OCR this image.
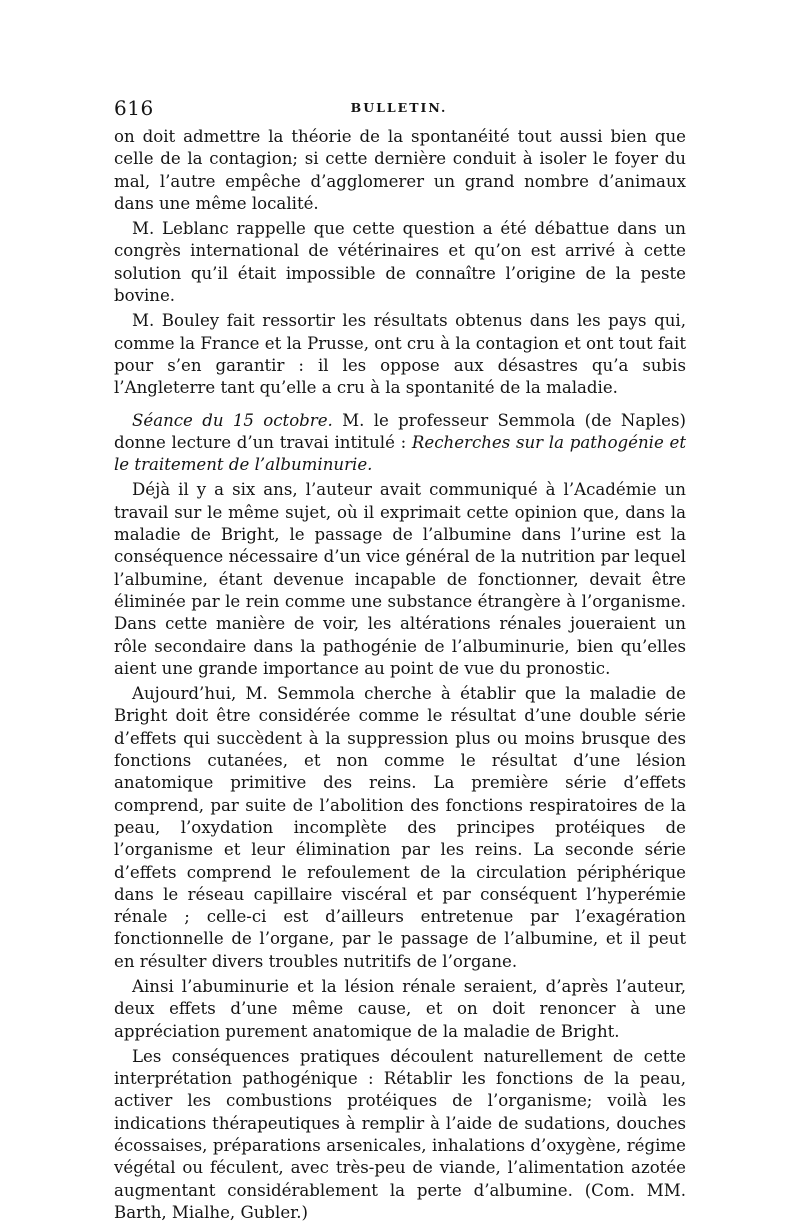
616	BULLETIN.

on doit admettre la théorie de la spontanéité tout aussi bien que celle de la contagion; si cette dernière conduit à isoler le foyer du mal, l’autre empêche d’agglomerer un grand nombre d’animaux dans une même localité.

M. Leblanc rappelle que cette question a été débattue dans un congrès international de vétérinaires et qu’on est arrivé à cette solution qu’il était impossible de connaître l’origine de la peste bovine.

M. Bouley fait ressortir les résultats obtenus dans les pays qui, comme la France et la Prusse, ont cru à la contagion et ont tout fait pour s’en garantir : il les oppose aux désastres qu’a subis l’Angleterre tant qu’elle a cru à la spontanité de la maladie.

Séance du 15 octobre. M. le professeur Semmola (de Naples) donne lecture d’un travai intitulé : Recherches sur la pathogénie et le traitement de l’albuminurie.

Déjà il y a six ans, l’auteur avait communiqué à l’Académie un travail sur le même sujet, où il exprimait cette opinion que, dans la maladie de Bright, le passage de l’albumine dans l’urine est la conséquence nécessaire d’un vice général de la nutrition par lequel l’albumine, étant devenue incapable de fonctionner, devait être éliminée par le rein comme une substance étrangère à l’organisme. Dans cette manière de voir, les altérations rénales joueraient un rôle secondaire dans la pathogénie de l’albuminurie, bien qu’elles aient une grande importance au point de vue du pronostic.

Aujourd’hui, M. Semmola cherche à établir que la maladie de Bright doit être considérée comme le résultat d’une double série d’effets qui succèdent à la suppression plus ou moins brusque des fonctions cutanées, et non comme le résultat d’une lésion anatomique primitive des reins. La première série d’effets comprend, par suite de l’abolition des fonctions respiratoires de la peau, l’oxydation incomplète des principes protéiques de l’organisme et leur élimination par les reins. La seconde série d’effets comprend le refoulement de la circulation périphérique dans le réseau capillaire viscéral et par conséquent l’hyperémie rénale ; celle-ci est d’ailleurs entretenue par l’exagération fonctionnelle de l’organe, par le passage de l’albumine, et il peut en résulter divers troubles nutritifs de l’organe.

Ainsi l’abuminurie et la lésion rénale seraient, d’après l’auteur, deux effets d’une même cause, et on doit renoncer à une appréciation purement anatomique de la maladie de Bright.

Les conséquences pratiques découlent naturellement de cette interprétation pathogénique : Rétablir les fonctions de la peau, activer les combustions protéiques de l’organisme; voilà les indications thérapeutiques à remplir à l’aide de sudations, douches écossaises, préparations arsenicales, inhalations d’oxygène, régime végétal ou féculent, avec très-peu de viande, l’alimentation azotée augmentant considérablement la perte d’albumine. (Com. MM. Barth, Mialhe, Gubler.)
